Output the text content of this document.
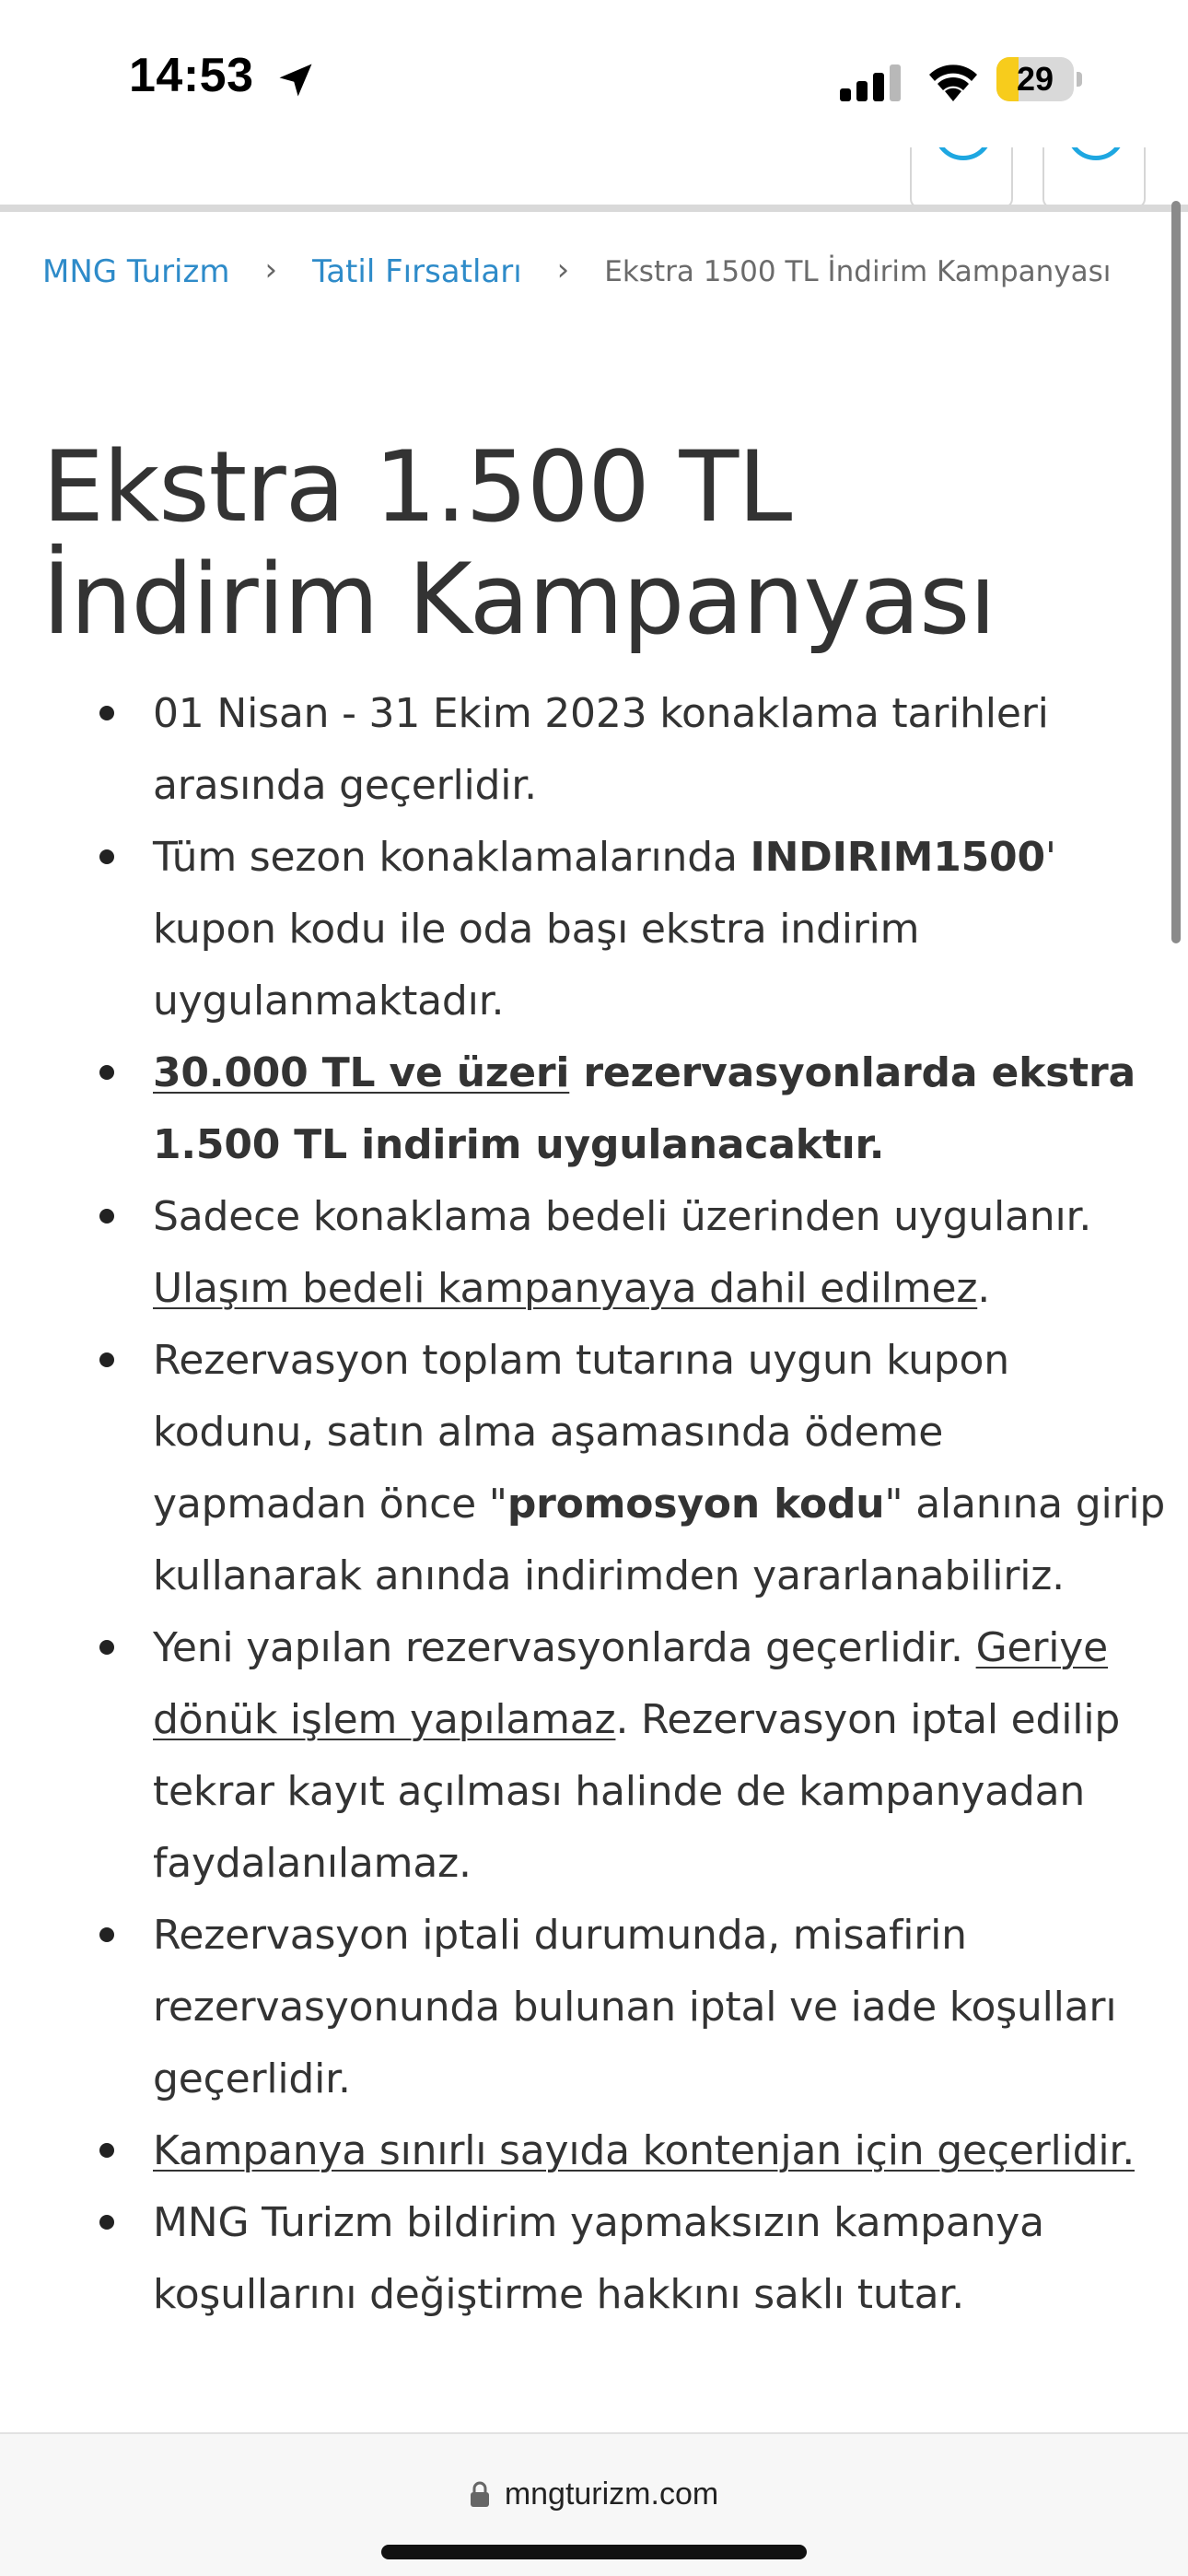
14:53	29
MNG Turizm › Tatil Fırsatları › Ekstra 1500 TL İndirim Kampanyası
Ekstra 1.500 TL İndirim Kampanyası
01 Nisan - 31 Ekim 2023 konaklama tarihleri arasında geçerlidir.
Tüm sezon konaklamalarında INDIRIM1500' kupon kodu ile oda başı ekstra indirim uygulanmaktadır.
30.000 TL ve üzeri rezervasyonlarda ekstra 1.500 TL indirim uygulanacaktır.
Sadece konaklama bedeli üzerinden uygulanır. Ulaşım bedeli kampanyaya dahil edilmez.
Rezervasyon toplam tutarına uygun kupon kodunu, satın alma aşamasında ödeme yapmadan önce "promosyon kodu" alanına girip kullanarak anında indirimden yararlanabiliriz.
Yeni yapılan rezervasyonlarda geçerlidir. Geriye dönük işlem yapılamaz. Rezervasyon iptal edilip tekrar kayıt açılması halinde de kampanyadan faydalanılamaz.
Rezervasyon iptali durumunda, misafirin rezervasyonunda bulunan iptal ve iade koşulları geçerlidir.
Kampanya sınırlı sayıda kontenjan için geçerlidir.
MNG Turizm bildirim yapmaksızın kampanya koşullarını değiştirme hakkını saklı tutar.
mngturizm.com
